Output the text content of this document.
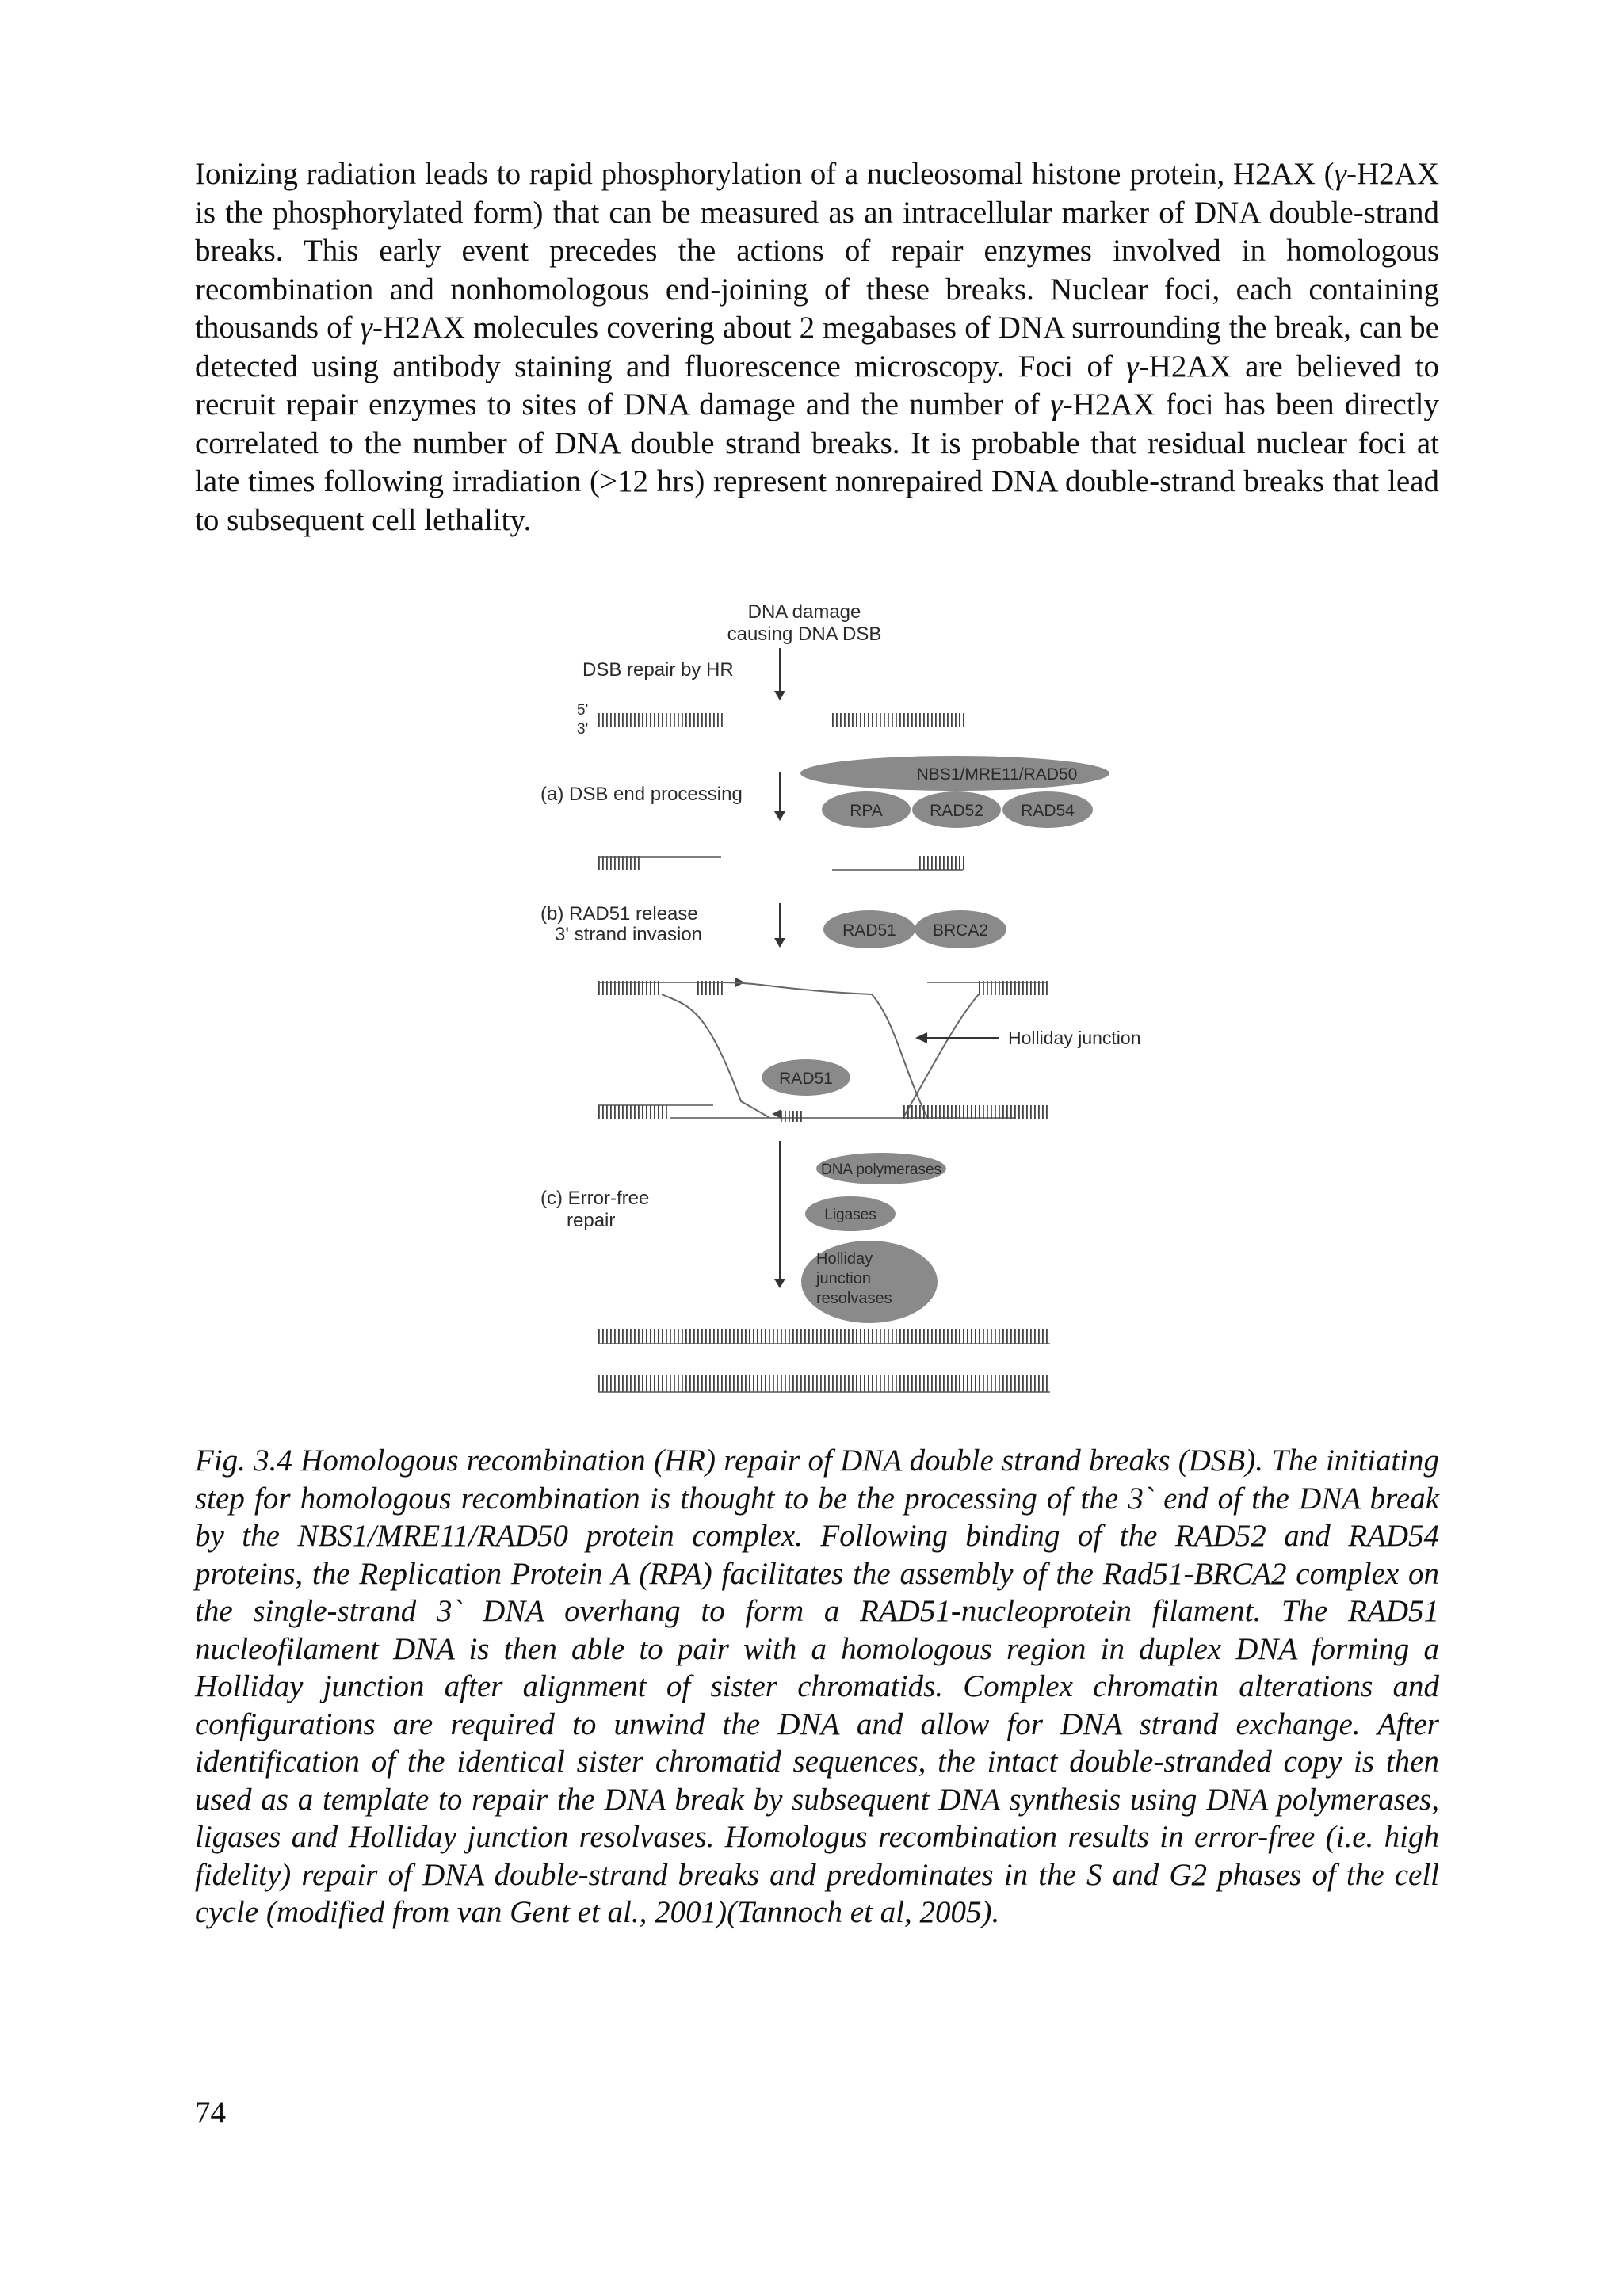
Ionizing radiation leads to rapid phosphorylation of a nucleosomal histone protein, H2AX (γ-H2AX is the phosphorylated form) that can be measured as an intracellular marker of DNA double-strand breaks. This early event precedes the actions of repair enzymes involved in homologous recombination and nonhomologous end-joining of these breaks. Nuclear foci, each containing thousands of γ-H2AX molecules covering about 2 megabases of DNA surrounding the break, can be detected using antibody staining and fluorescence microscopy. Foci of γ-H2AX are believed to recruit repair enzymes to sites of DNA damage and the number of γ-H2AX foci has been directly correlated to the number of DNA double strand breaks. It is probable that residual nuclear foci at late times following irradiation (>12 hrs) represent nonrepaired DNA double-strand breaks that lead to subsequent cell lethality.
DNA damage
causing DNA DSB
DSB repair by HR
5'
3'
(a) DSB end processing
NBS1/MRE11/RAD50
RPA	RAD52 RAD54
(b) RAD51 release
3' strand invasion	RAD51 BRCA2
Holliday junction
RAD51
(c) Error-free
repair
DNA polymerases
Ligases
Holliday
junction
resolvases
Fig. 3.4 Homologous recombination (HR) repair of DNA double strand breaks (DSB). The initiating step for homologous recombination is thought to be the processing of the 3` end of the DNA break by the NBS1/MRE11/RAD50 protein complex. Following binding of the RAD52 and RAD54 proteins, the Replication Protein A (RPA) facilitates the assembly of the Rad51-BRCA2 complex on the single-strand 3` DNA overhang to form a RAD51-nucleoprotein filament. The RAD51 nucleofilament DNA is then able to pair with a homologous region in duplex DNA forming a Holliday junction after alignment of sister chromatids. Complex chromatin alterations and configurations are required to unwind the DNA and allow for DNA strand exchange. After identification of the identical sister chromatid sequences, the intact double-stranded copy is then used as a template to repair the DNA break by subsequent DNA synthesis using DNA polymerases, ligases and Holliday junction resolvases. Homologus recombination results in error-free (i.e. high fidelity) repair of DNA double-strand breaks and predominates in the S and G2 phases of the cell cycle (modified from van Gent et al., 2001)(Tannoch et al, 2005).
74
